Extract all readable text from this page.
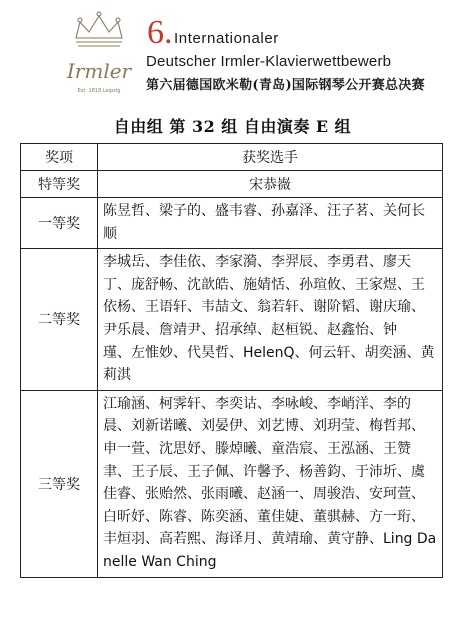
Irmler
Est. 1818 Leipzig
6. Internationaler
Deutscher Irmler-Klavierwettbewerb
第六届德国欧米勒(青岛)国际钢琴公开赛总决赛
自由组 第 32 组 自由演奏 E 组
奖项	获奖选手
特等奖	宋恭嶶
一等奖	陈昱哲、梁子的、盛韦睿、孙嘉泽、汪子茗、关何长顺
二等奖	李城岳、李佳依、李家漪、李羿辰、李勇君、廖天丁、庞舒畅、沈歆皓、施婧恬、孙瑄攸、王家煜、王依杨、王语轩、韦喆文、翁若轩、谢阶韬、谢庆瑜、尹乐晨、詹靖尹、招承绰、赵桓锐、赵鑫怡、钟　瑾、左惟妙、代昊哲、HelenQ、何云轩、胡奕涵、黄莉淇
三等奖	江瑜涵、柯霁轩、李奕诂、李咏峻、李峭洋、李的晨、刘新诺曦、刘晏伊、刘艺博、刘玥莹、梅哲邦、申一萱、沈思妤、滕焯曦、童浩宸、王泓涵、王赞聿、王子辰、王子佩、许馨予、杨善鈞、于沛圻、虞佳睿、张贻然、张雨曦、赵涵一、周骏浩、安珂萱、白昕妤、陈睿、陈奕涵、董佳婕、董骐赫、方一珩、丰烜羽、高若熙、海译月、黄靖瑜、黄守静、Ling Danelle Wan Ching
